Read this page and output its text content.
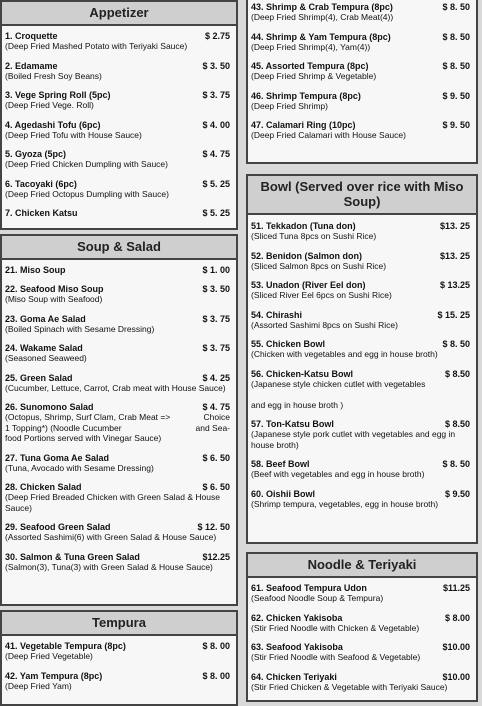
Appetizer
1. Croquette	$ 2.75
(Deep Fried Mashed Potato with Teriyaki Sauce)
2. Edamame	$ 3. 50
(Boiled Fresh Soy Beans)
3. Vege Spring Roll (5pc)	$ 3. 75
(Deep Fried Vege. Roll)
4. Agedashi Tofu (6pc)	$ 4. 00
(Deep Fried Tofu with House Sauce)
5. Gyoza (5pc)	$ 4. 75
(Deep Fried Chicken Dumpling with Sauce)
6. Tacoyaki (6pc)	$ 5. 25
(Deep Fried Octopus Dumpling with Sauce)
7. Chicken Katsu	$ 5. 25
Soup & Salad
21. Miso Soup	$ 1. 00
22. Seafood Miso Soup	$ 3. 50
(Miso Soup with Seafood)
23. Goma Ae Salad	$ 3. 75
(Boiled Spinach with Sesame Dressing)
24. Wakame Salad	$ 3. 75
(Seasoned Seaweed)
25. Green Salad	$ 4. 25
(Cucumber, Lettuce, Carrot, Crab meat with House Sauce)
26. Sunomono Salad	$ 4. 75
(Octopus, Shrimp, Surf Clam, Crab Meat =>	Choice
1 Topping*) (Noodle Cucumber	and Sea-
food Portions served with Vinegar Sauce)
27. Tuna Goma Ae Salad	$ 6. 50
(Tuna, Avocado with Sesame Dressing)
28. Chicken Salad	$ 6. 50
(Deep Fried Breaded Chicken with Green Salad & House Sauce)
29. Seafood Green Salad	$ 12. 50
(Assorted Sashimi(6) with Green Salad & House Sauce)
30. Salmon & Tuna Green Salad	$12.25
(Salmon(3), Tuna(3) with Green Salad & House Sauce)
Tempura
41. Vegetable Tempura (8pc)	$ 8. 00
(Deep Fried Vegetable)
42. Yam Tempura (8pc)	$ 8. 00
(Deep Fried Yam)
43. Shrimp & Crab Tempura (8pc)	$ 8. 50
(Deep Fried Shrimp(4), Crab Meat(4))
44. Shrimp & Yam Tempura (8pc)	$ 8. 50
(Deep Fried Shrimp(4), Yam(4))
45. Assorted Tempura (8pc)	$ 8. 50
(Deep Fried Shrimp & Vegetable)
46. Shrimp Tempura (8pc)	$ 9. 50
(Deep Fried Shrimp)
47. Calamari Ring (10pc)	$ 9. 50
(Deep Fried Calamari with House Sauce)
Bowl (Served over rice with Miso Soup)
51. Tekkadon (Tuna don)	$13. 25
(Sliced Tuna 8pcs on Sushi Rice)
52. Benidon (Salmon don)	$13. 25
(Sliced Salmon 8pcs on Sushi Rice)
53. Unadon (River Eel don)	$ 13.25
(Sliced River Eel 6pcs on Sushi Rice)
54. Chirashi	$ 15. 25
(Assorted Sashimi 8pcs on Sushi Rice)
55. Chicken Bowl	$ 8. 50
(Chicken with vegetables and egg in house broth)
56. Chicken-Katsu Bowl	$ 8.50
(Japanese style chicken cutlet with vegetables

and egg in house broth )
57. Ton-Katsu Bowl	$ 8.50
(Japanese style pork cutlet with vegetables and egg in house broth)
58. Beef Bowl	$ 8. 50
(Beef with vegetables and egg in house broth)
60. Oishii Bowl	$ 9.50
(Shrimp tempura, vegetables, egg in house broth)
Noodle & Teriyaki
61. Seafood Tempura Udon	$11.25
(Seafood Noodle Soup & Tempura)
62. Chicken Yakisoba	$ 8.00
(Stir Fried Noodle with Chicken & Vegetable)
63. Seafood Yakisoba	$10.00
(Stir Fried Noodle with Seafood & Vegetable)
64. Chicken Teriyaki	$10.00
(Stir Fried Chicken & Vegetable with Teriyaki Sauce)
